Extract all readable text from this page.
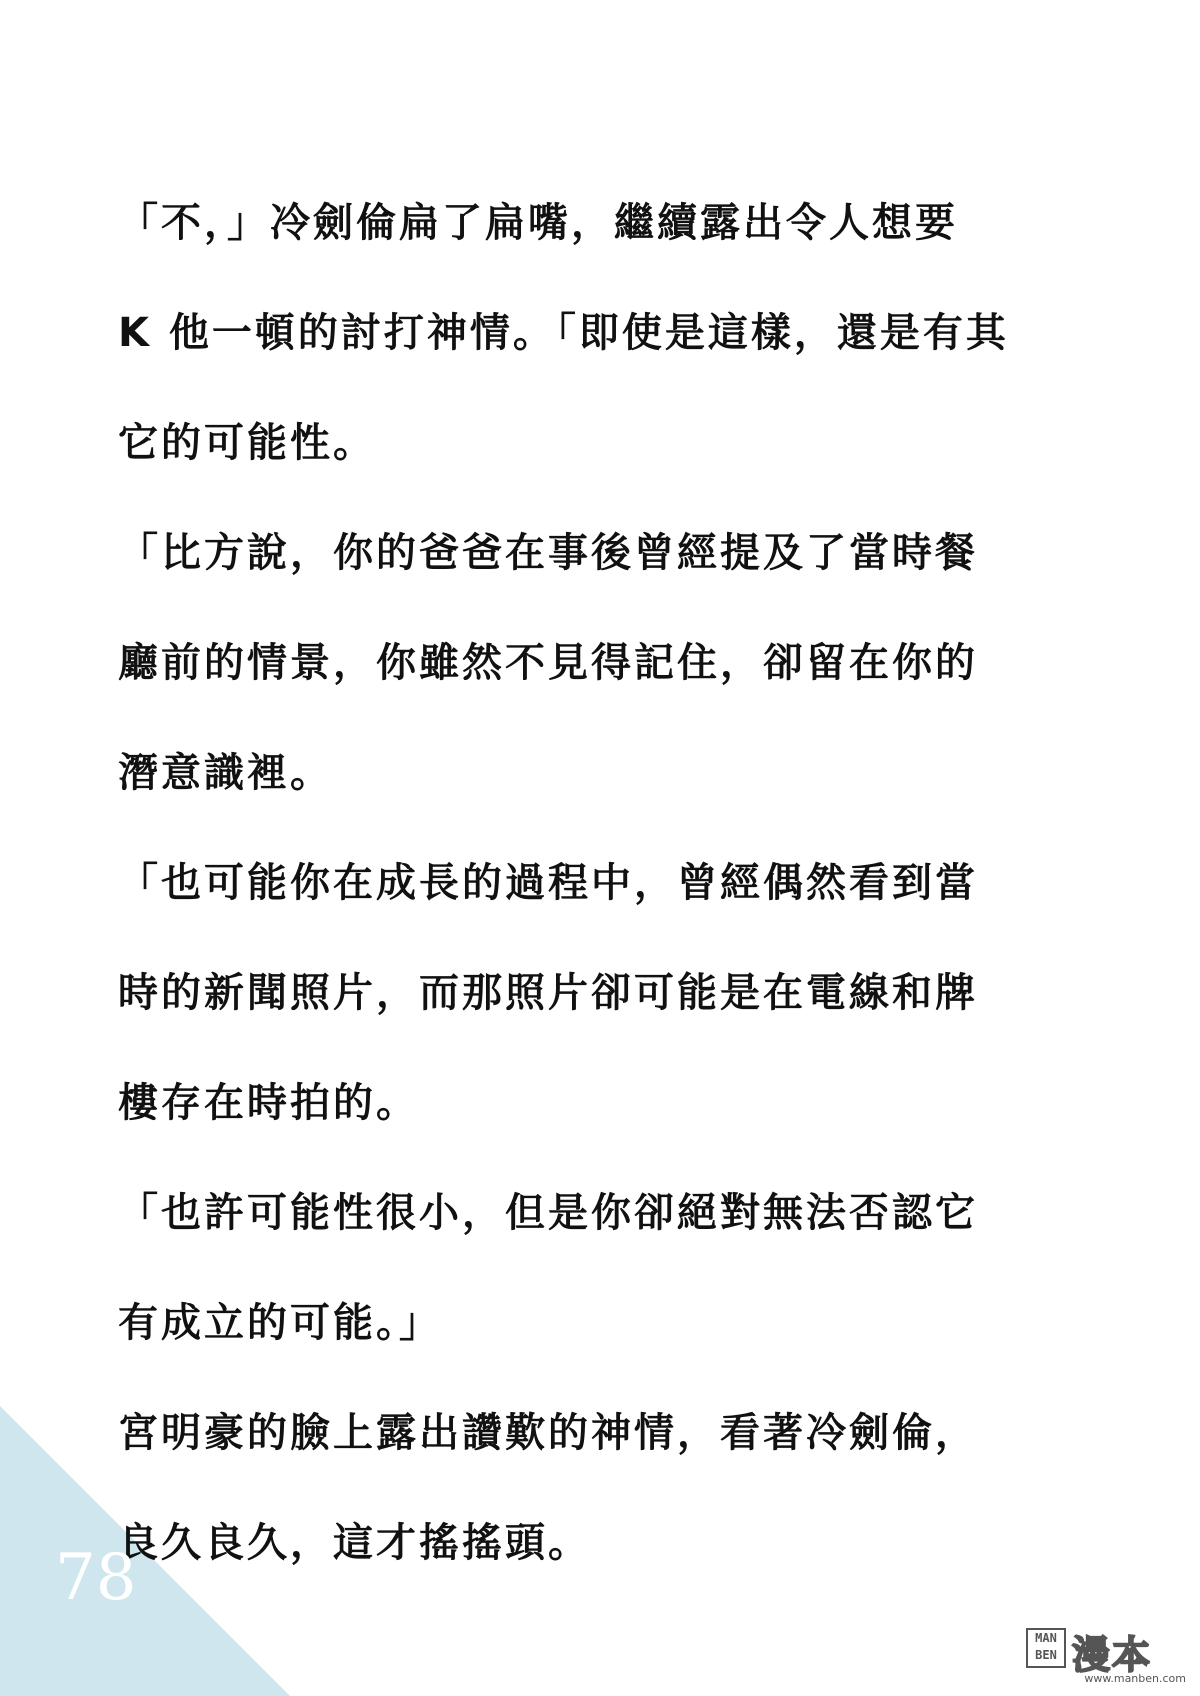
「不，」冷劍倫扁了扁嘴，繼續露出令人想要
K 他一頓的討打神情。「即使是這樣，還是有其
它的可能性。
「比方說，你的爸爸在事後曾經提及了當時餐
廳前的情景，你雖然不見得記住，卻留在你的
潛意識裡。
「也可能你在成長的過程中，曾經偶然看到當
時的新聞照片，而那照片卻可能是在電線和牌
樓存在時拍的。
「也許可能性很小，但是你卻絕對無法否認它
有成立的可能。」
宮明豪的臉上露出讚歎的神情，看著冷劍倫，
良久良久，這才搖搖頭。
78
MAN
BEN 漫本
www.manben.com
